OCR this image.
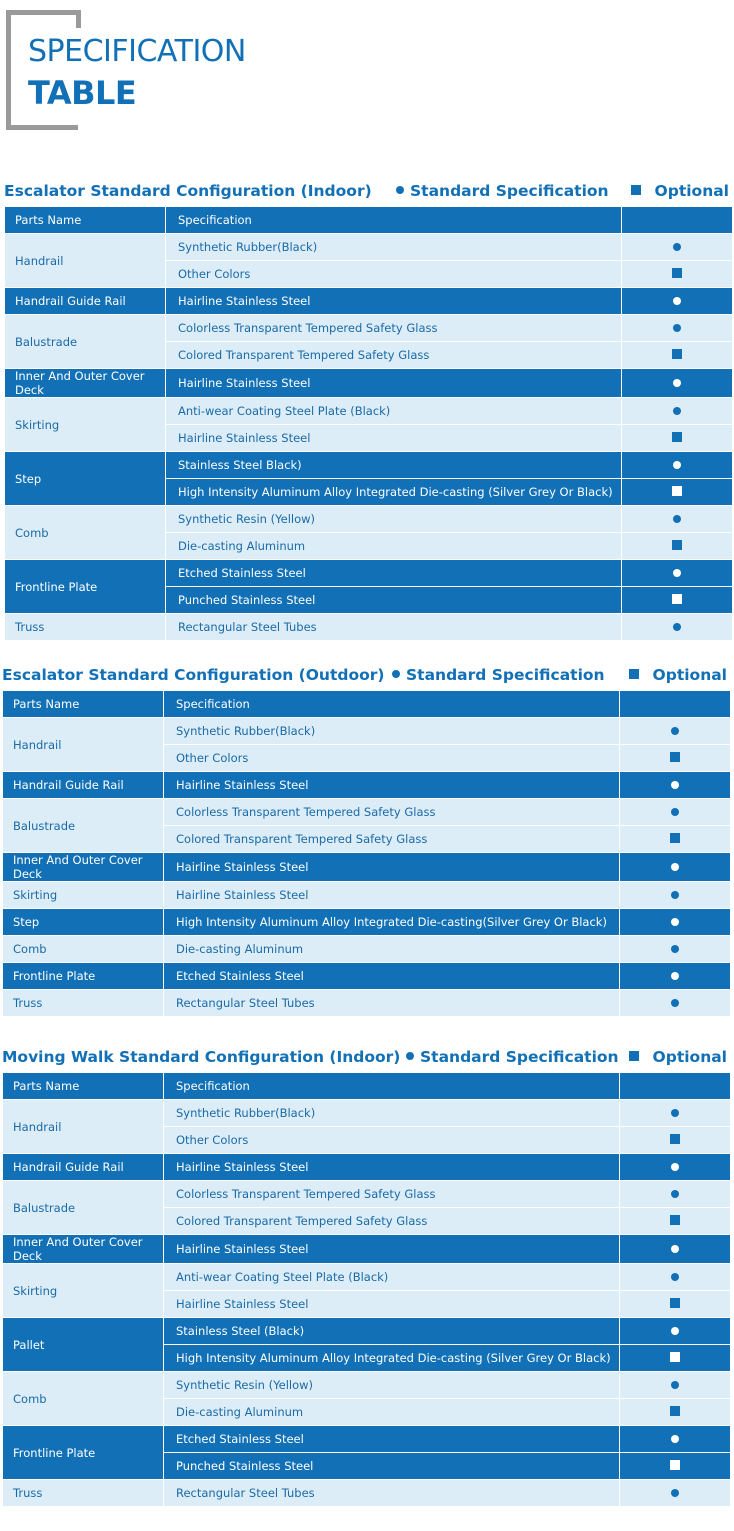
SPECIFICATION
TABLE
Escalator Standard Configuration (Indoor)	Standard Specification	Optional
Parts Name	Specification	
Handrail	Synthetic Rubber(Black)	
	Other Colors	
Handrail Guide Rail	Hairline Stainless Steel	
Balustrade	Colorless Transparent Tempered Safety Glass	
	Colored Transparent Tempered Safety Glass	
Inner And Outer Cover Deck	Hairline Stainless Steel	
Skirting	Anti-wear Coating Steel Plate (Black)	
	Hairline Stainless Steel	
Step	Stainless Steel Black)	
	High Intensity Aluminum Alloy Integrated Die-casting (Silver Grey Or Black)	
Comb	Synthetic Resin (Yellow)	
	Die-casting Aluminum	
Frontline Plate	Etched Stainless Steel	
	Punched Stainless Steel	
Truss	Rectangular Steel Tubes	
Escalator Standard Configuration (Outdoor)	Standard Specification	Optional
Parts Name	Specification	
Handrail	Synthetic Rubber(Black)	
	Other Colors	
Handrail Guide Rail	Hairline Stainless Steel	
Balustrade	Colorless Transparent Tempered Safety Glass	
	Colored Transparent Tempered Safety Glass	
Inner And Outer Cover Deck	Hairline Stainless Steel	
Skirting	Hairline Stainless Steel	
Step	High Intensity Aluminum Alloy Integrated Die-casting(Silver Grey Or Black)	
Comb	Die-casting Aluminum	
Frontline Plate	Etched Stainless Steel	
Truss	Rectangular Steel Tubes	
Moving Walk Standard Configuration (Indoor)	Standard Specification	Optional
Parts Name	Specification	
Handrail	Synthetic Rubber(Black)	
	Other Colors	
Handrail Guide Rail	Hairline Stainless Steel	
Balustrade	Colorless Transparent Tempered Safety Glass	
	Colored Transparent Tempered Safety Glass	
Inner And Outer Cover Deck	Hairline Stainless Steel	
Skirting	Anti-wear Coating Steel Plate (Black)	
	Hairline Stainless Steel	
Pallet	Stainless Steel (Black)	
	High Intensity Aluminum Alloy Integrated Die-casting (Silver Grey Or Black)	
Comb	Synthetic Resin (Yellow)	
	Die-casting Aluminum	
Frontline Plate	Etched Stainless Steel	
	Punched Stainless Steel	
Truss	Rectangular Steel Tubes	
